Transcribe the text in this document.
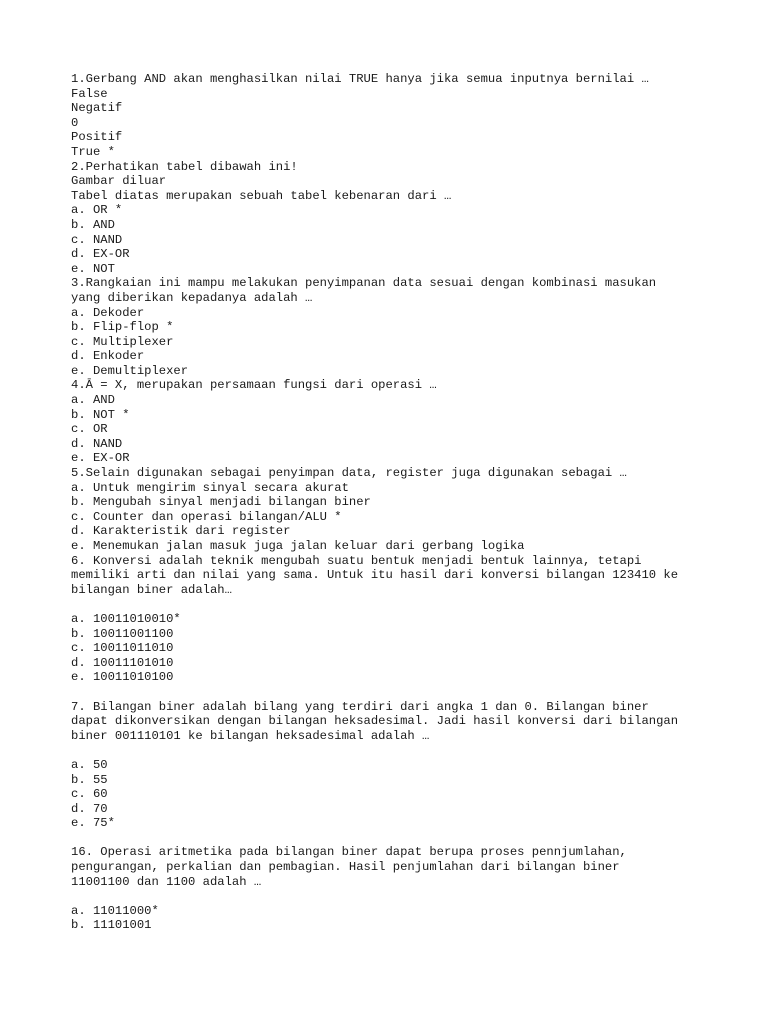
1.Gerbang AND akan menghasilkan nilai TRUE hanya jika semua inputnya bernilai …
False
Negatif
0
Positif
True *
2.Perhatikan tabel dibawah ini!
Gambar diluar
Tabel diatas merupakan sebuah tabel kebenaran dari …
a. OR *
b. AND
c. NAND
d. EX-OR
e. NOT
3.Rangkaian ini mampu melakukan penyimpanan data sesuai dengan kombinasi masukan
yang diberikan kepadanya adalah …
a. Dekoder
b. Flip-flop *
c. Multiplexer
d. Enkoder
e. Demultiplexer
4.Ā = X, merupakan persamaan fungsi dari operasi …
a. AND
b. NOT *
c. OR
d. NAND
e. EX-OR
5.Selain digunakan sebagai penyimpan data, register juga digunakan sebagai …
a. Untuk mengirim sinyal secara akurat
b. Mengubah sinyal menjadi bilangan biner
c. Counter dan operasi bilangan/ALU *
d. Karakteristik dari register
e. Menemukan jalan masuk juga jalan keluar dari gerbang logika
6. Konversi adalah teknik mengubah suatu bentuk menjadi bentuk lainnya, tetapi
memiliki arti dan nilai yang sama. Untuk itu hasil dari konversi bilangan 123410 ke
bilangan biner adalah…
a. 10011010010*
b. 10011001100
c. 10011011010
d. 10011101010
e. 10011010100
7. Bilangan biner adalah bilang yang terdiri dari angka 1 dan 0. Bilangan biner
dapat dikonversikan dengan bilangan heksadesimal. Jadi hasil konversi dari bilangan
biner 001110101 ke bilangan heksadesimal adalah …
a. 50
b. 55
c. 60
d. 70
e. 75*
16. Operasi aritmetika pada bilangan biner dapat berupa proses pennjumlahan,
pengurangan, perkalian dan pembagian. Hasil penjumlahan dari bilangan biner
11001100 dan 1100 adalah …
a. 11011000*
b. 11101001
